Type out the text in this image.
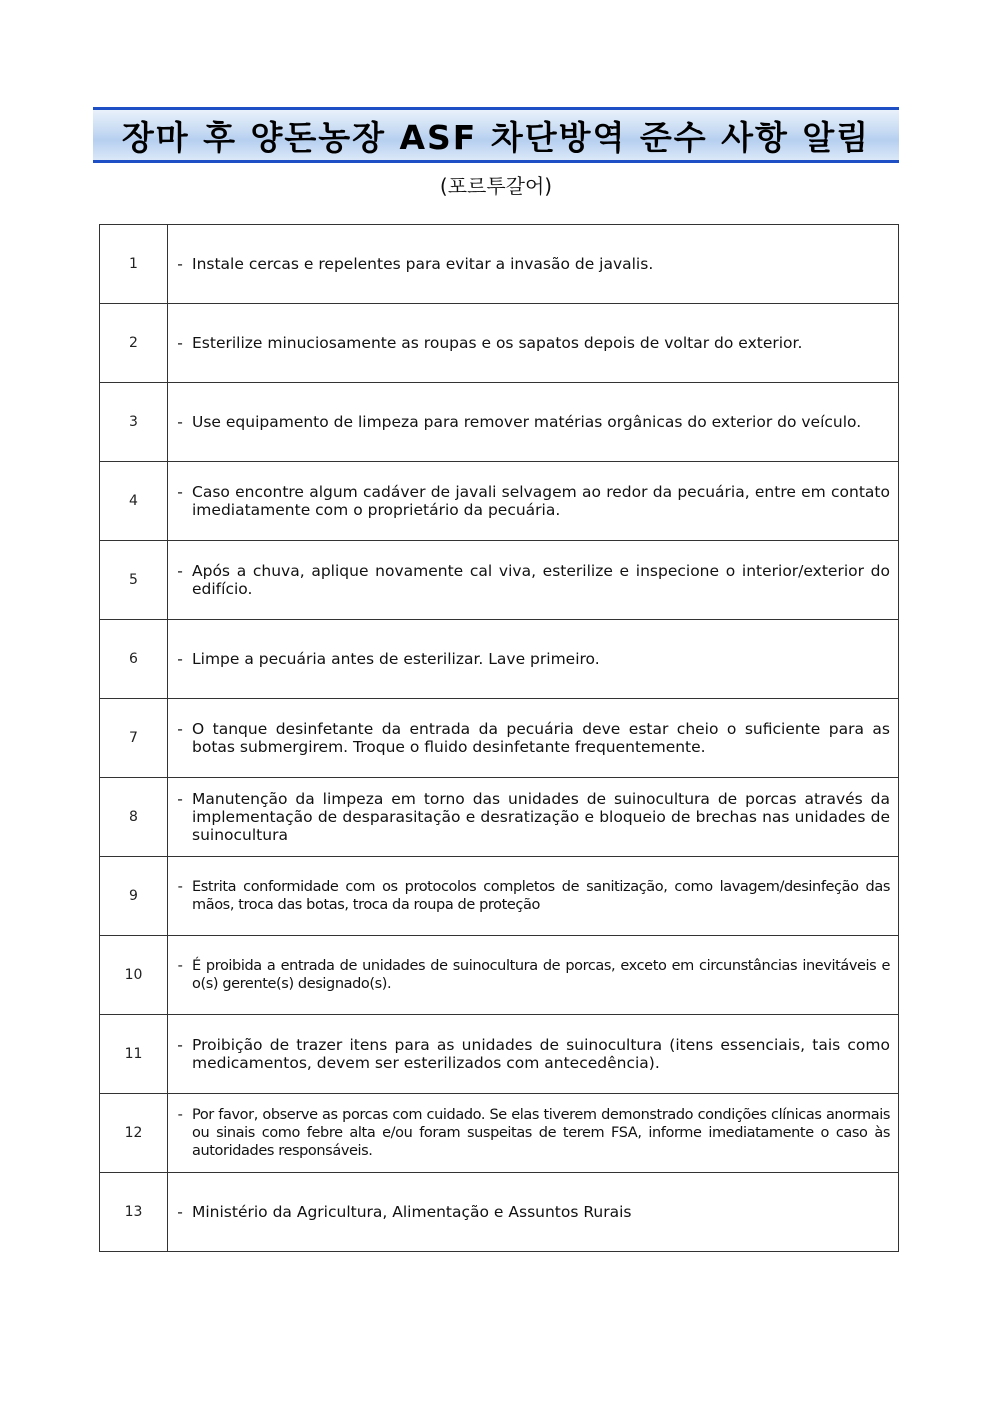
장마 후 양돈농장 ASF 차단방역 준수 사항 알림
(포르투갈어)
1	- Instale cercas e repelentes para evitar a invasão de javalis.

2	- Esterilize minuciosamente as roupas e os sapatos depois de voltar do exterior.

3	- Use equipamento de limpeza para remover matérias orgânicas do exterior do veículo.

4	- Caso encontre algum cadáver de javali selvagem ao redor da pecuária, entre em contato imediatamente com o proprietário da pecuária.

5	- Após a chuva, aplique novamente cal viva, esterilize e inspecione o interior/exterior do edifício.

6	- Limpe a pecuária antes de esterilizar. Lave primeiro.

7	- O tanque desinfetante da entrada da pecuária deve estar cheio o suficiente para as botas submergirem. Troque o fluido desinfetante frequentemente.

8	- Manutenção da limpeza em torno das unidades de suinocultura de porcas através da implementação de desparasitação e desratização e bloqueio de brechas nas unidades de suinocultura

9	- Estrita conformidade com os protocolos completos de sanitização, como lavagem/desinfeção das mãos, troca das botas, troca da roupa de proteção

10	- É proibida a entrada de unidades de suinocultura de porcas, exceto em circunstâncias inevitáveis e o(s) gerente(s) designado(s).

11	- Proibição de trazer itens para as unidades de suinocultura (itens essenciais, tais como medicamentos, devem ser esterilizados com antecedência).

12	- Por favor, observe as porcas com cuidado. Se elas tiverem demonstrado condições clínicas anormais ou sinais como febre alta e/ou foram suspeitas de terem FSA, informe imediatamente o caso às autoridades responsáveis.

13	- Ministério da Agricultura, Alimentação e Assuntos Rurais
